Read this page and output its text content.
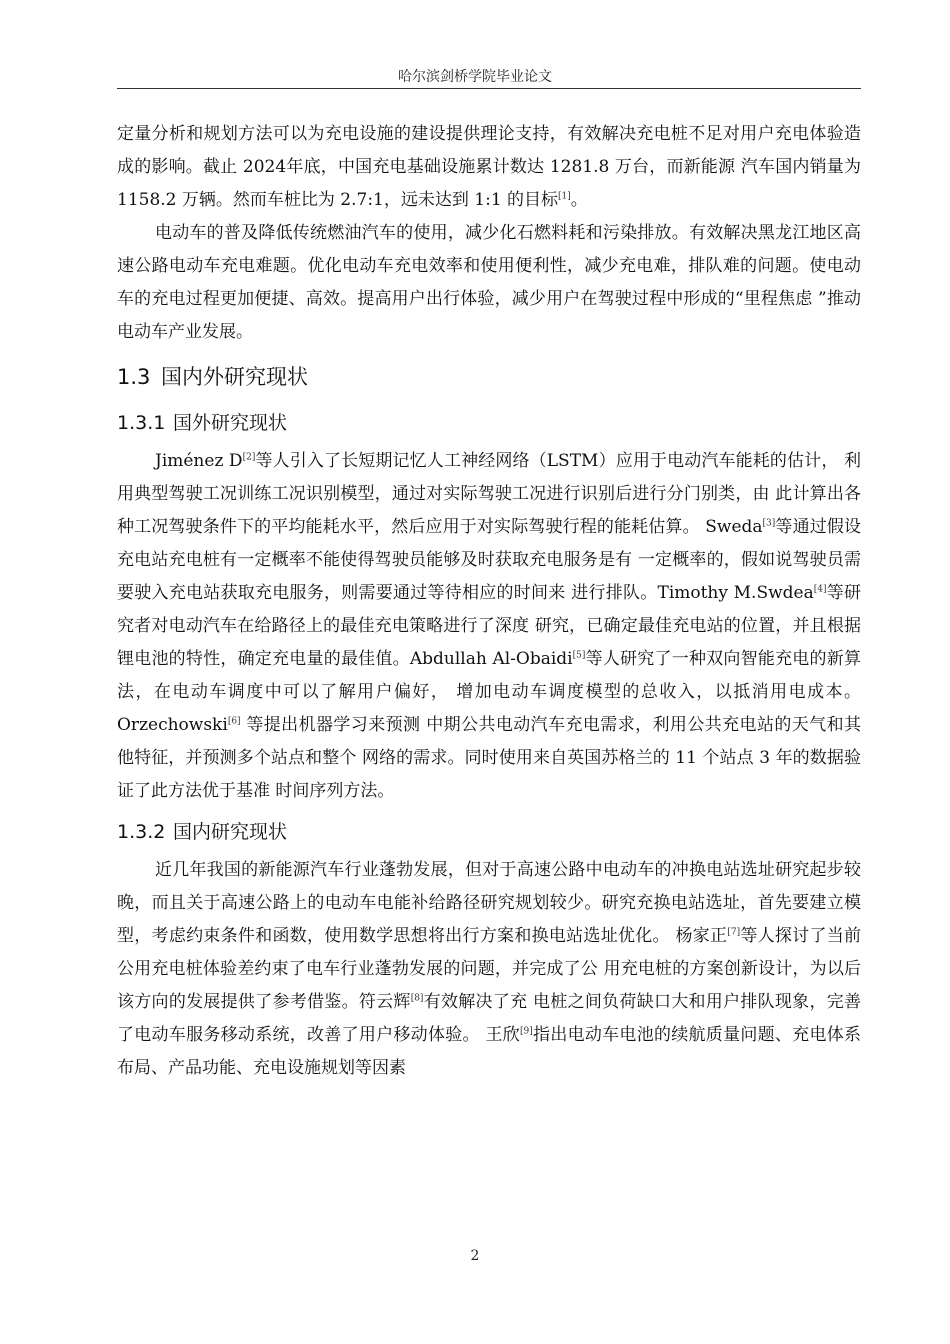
哈尔滨剑桥学院毕业论文

定量分析和规划方法可以为充电设施的建设提供理论支持，有效解决充电桩不足对用户充电体验造成的影响。截止 2024年底，中国充电基础设施累计数达 1281.8 万台，而新能源 汽车国内销量为 1158.2 万辆。然而车桩比为 2.7:1，远未达到 1:1 的目标[1]。

电动车的普及降低传统燃油汽车的使用，减少化石燃料耗和污染排放。有效解决黑龙江地区高速公路电动车充电难题。优化电动车充电效率和使用便利性，减少充电难，排队难的问题。使电动车的充电过程更加便捷、高效。提高用户出行体验，减少用户在驾驶过程中形成的“里程焦虑 ”推动电动车产业发展。

1.3 国内外研究现状
1.3.1 国外研究现状

Jiménez D[2]等人引入了长短期记忆人工神经网络（LSTM）应用于电动汽车能耗的估计， 利用典型驾驶工况训练工况识别模型，通过对实际驾驶工况进行识别后进行分门别类，由 此计算出各种工况驾驶条件下的平均能耗水平，然后应用于对实际驾驶行程的能耗估算。 Sweda[3]等通过假设充电站充电桩有一定概率不能使得驾驶员能够及时获取充电服务是有 一定概率的，假如说驾驶员需要驶入充电站获取充电服务，则需要通过等待相应的时间来 进行排队。Timothy M.Swdea[4]等研究者对电动汽车在给路径上的最佳充电策略进行了深度 研究，已确定最佳充电站的位置，并且根据锂电池的特性，确定充电量的最佳值。Abdullah Al-Obaidi[5]等人研究了一种双向智能充电的新算法，在电动车调度中可以了解用户偏好， 增加电动车调度模型的总收入，以抵消用电成本。Orzechowski[6] 等提出机器学习来预测 中期公共电动汽车充电需求，利用公共充电站的天气和其他特征，并预测多个站点和整个 网络的需求。同时使用来自英国苏格兰的 11 个站点 3 年的数据验证了此方法优于基准 时间序列方法。

1.3.2 国内研究现状

近几年我国的新能源汽车行业蓬勃发展，但对于高速公路中电动车的冲换电站选址研究起步较晚，而且关于高速公路上的电动车电能补给路径研究规划较少。研究充换电站选址，首先要建立模型，考虑约束条件和函数，使用数学思想将出行方案和换电站选址优化。 杨家正[7]等人探讨了当前公用充电桩体验差约束了电车行业蓬勃发展的问题，并完成了公 用充电桩的方案创新设计，为以后该方向的发展提供了参考借鉴。符云辉[8]有效解决了充 电桩之间负荷缺口大和用户排队现象，完善了电动车服务移动系统，改善了用户移动体验。 王欣[9]指出电动车电池的续航质量问题、充电体系布局、产品功能、充电设施规划等因素

2
